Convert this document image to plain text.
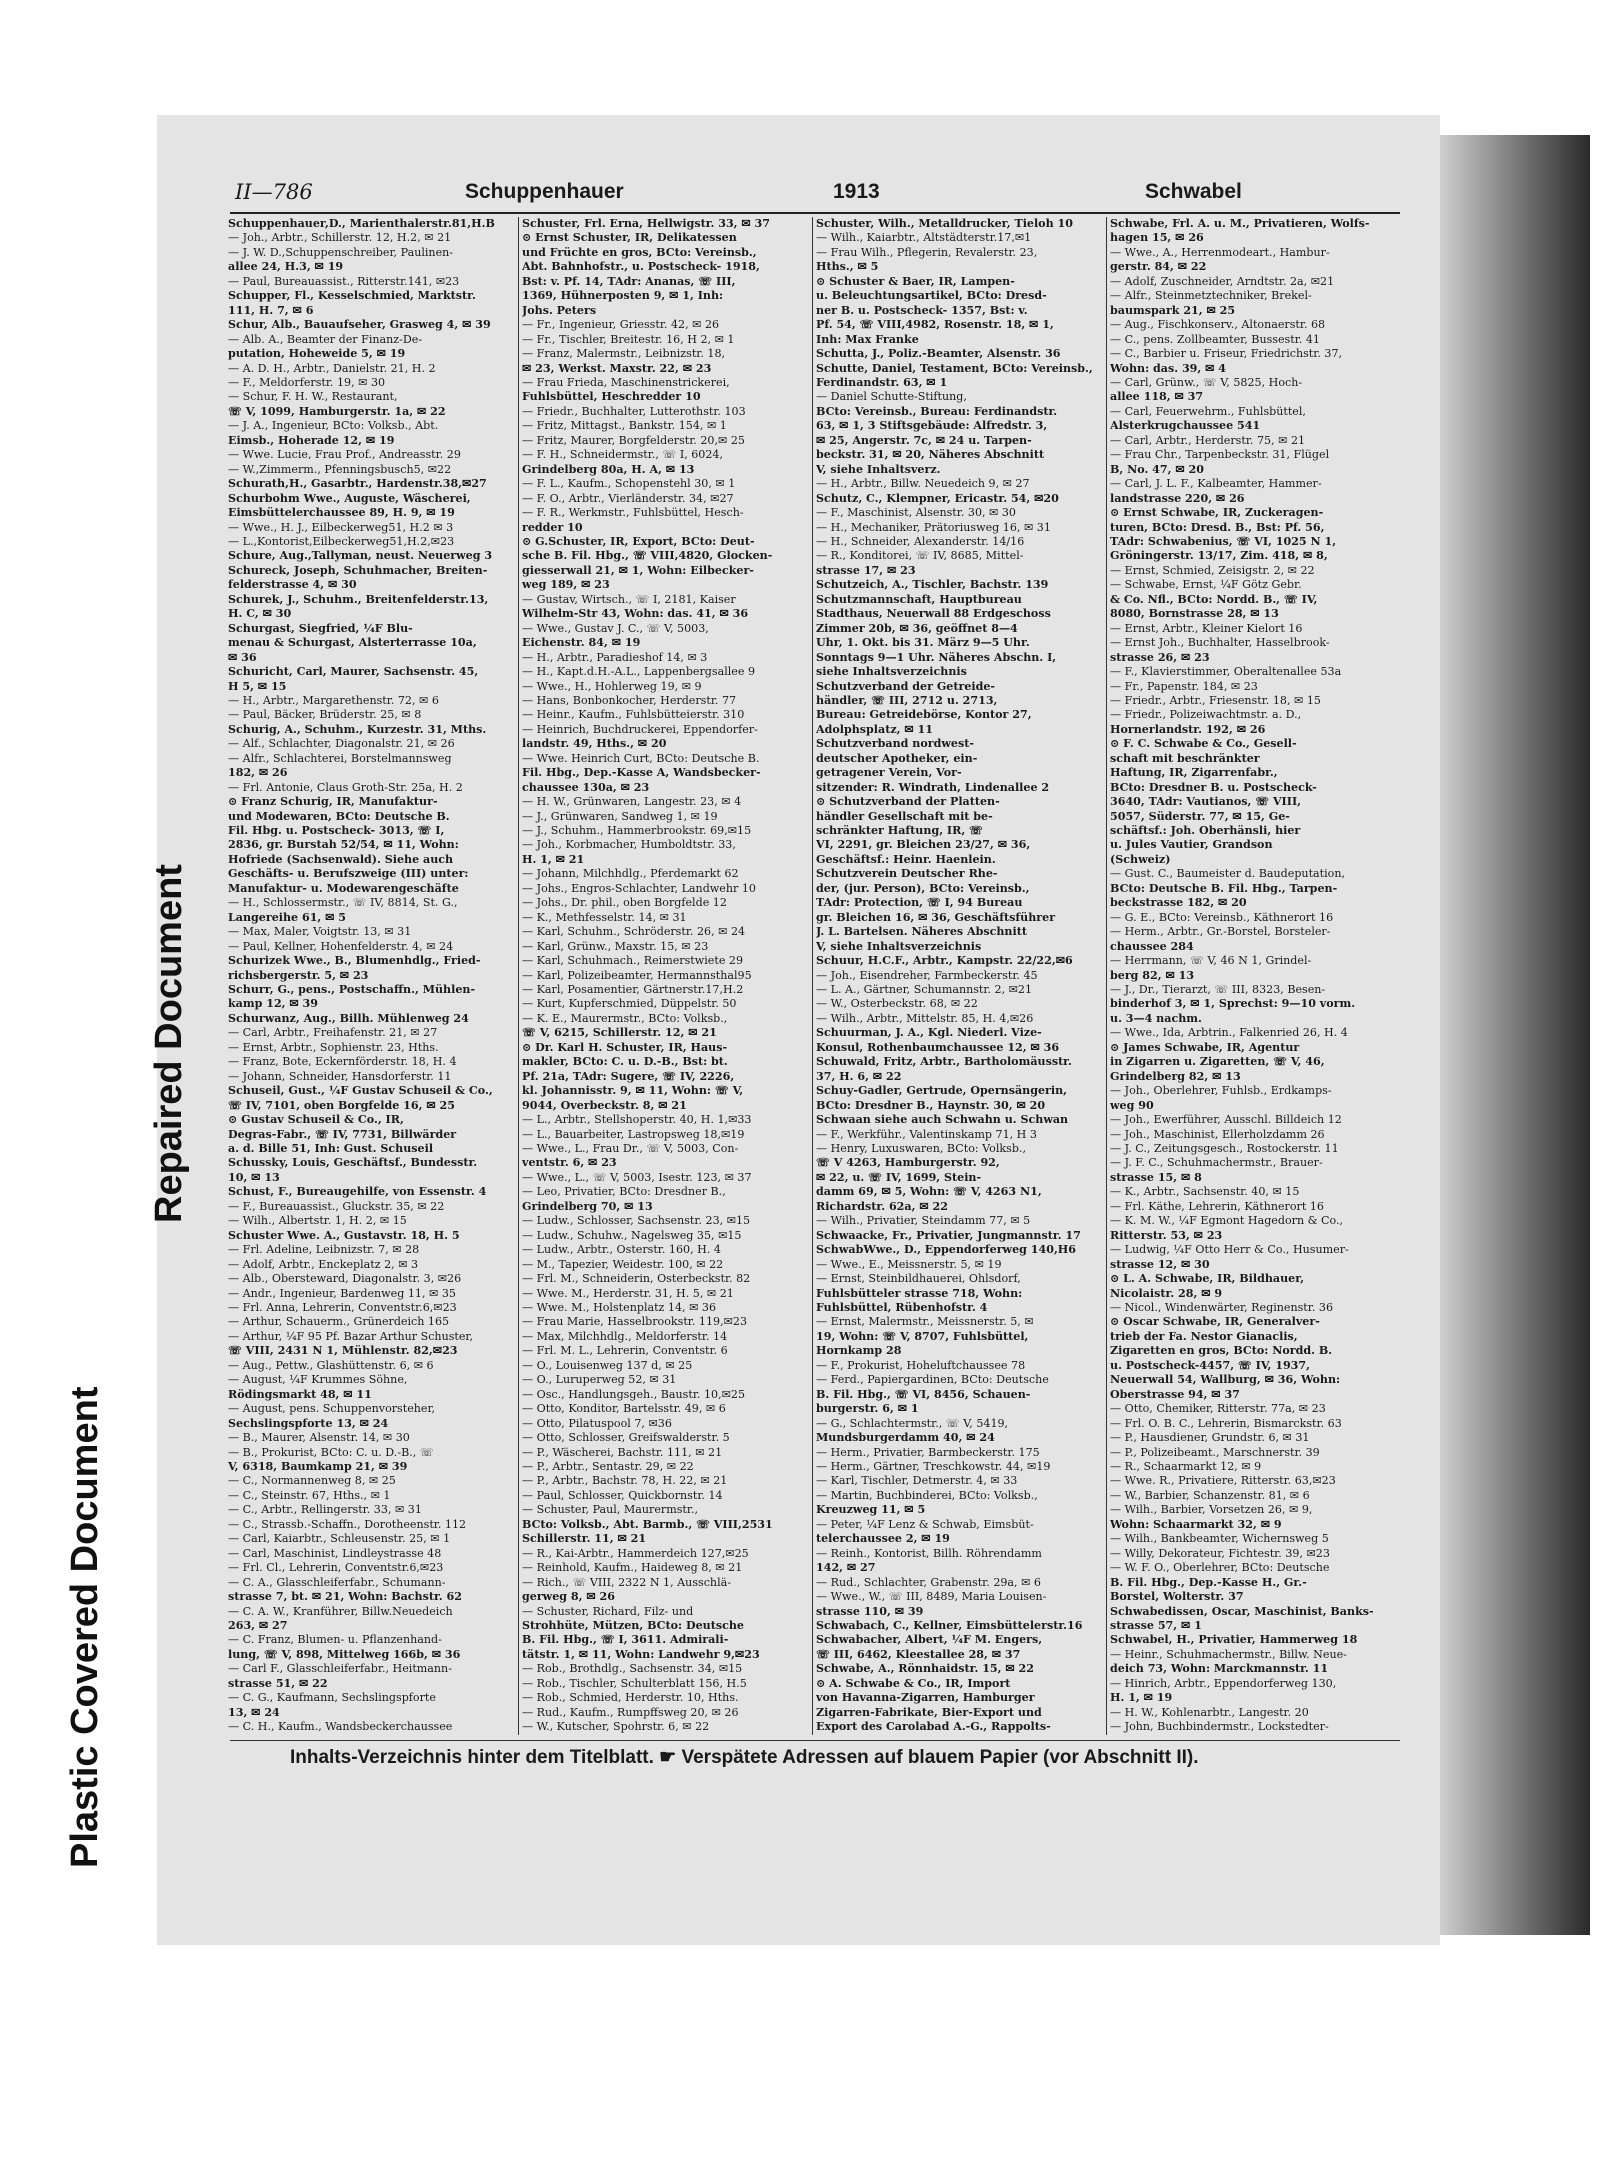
Plastic Covered Document
Repaired Document
II—786	Schuppenhauer	1913	Schwabel

Schuppenhauer,D., Marienthalerstr.81,H.B

— Joh., Arbtr., Schillerstr. 12, H.2, ✉ 21

— J. W. D.,Schuppenschreiber, Paulinen-

allee 24, H.3, ✉ 19

— Paul, Bureauassist., Ritterstr.141, ✉23

Schupper, Fl., Kesselschmied, Marktstr.

111, H. 7, ✉ 6

Schur, Alb., Bauaufseher, Grasweg 4, ✉ 39

— Alb. A., Beamter der Finanz-De-

putation, Hoheweide 5, ✉ 19

— A. D. H., Arbtr., Danielstr. 21, H. 2

— F., Meldorferstr. 19, ✉ 30

— Schur, F. H. W., Restaurant,

☏ V, 1099, Hamburgerstr. 1a, ✉ 22

— J. A., Ingenieur, BCto: Volksb., Abt.

Eimsb., Hoherade 12, ✉ 19

— Wwe. Lucie, Frau Prof., Andreasstr. 29

— W.,Zimmerm., Pfenningsbusch5, ✉22

Schurath,H., Gasarbtr., Hardenstr.38,✉27

Schurbohm Wwe., Auguste, Wäscherei,

Eimsbüttelerchaussee 89, H. 9, ✉ 19

— Wwe., H. J., Eilbeckerweg51, H.2 ✉ 3

— L.,Kontorist,Eilbeckerweg51,H.2,✉23

Schure, Aug.,Tallyman, neust. Neuerweg 3

Schureck, Joseph, Schuhmacher, Breiten-

felderstrasse 4, ✉ 30

Schurek, J., Schuhm., Breitenfelderstr.13,

H. C, ✉ 30

Schurgast, Siegfried, ¼F Blu-

menau & Schurgast, Alsterterrasse 10a,

✉ 36

Schuricht, Carl, Maurer, Sachsenstr. 45,

H 5, ✉ 15

— H., Arbtr., Margarethenstr. 72, ✉ 6

— Paul, Bäcker, Brüderstr. 25, ✉ 8

Schurig, A., Schuhm., Kurzestr. 31, Mths.

— Alf., Schlachter, Diagonalstr. 21, ✉ 26

— Alfr., Schlachterei, Borstelmannsweg

182, ✉ 26

— Frl. Antonie, Claus Groth-Str. 25a, H. 2

⊙ Franz Schurig, IR, Manufaktur-

und Modewaren, BCto: Deutsche B.

Fil. Hbg. u. Postscheck- 3013, ☏ I,

2836, gr. Burstah 52/54, ✉ 11, Wohn:

Hofriede (Sachsenwald). Siehe auch

Geschäfts- u. Berufszweige (III) unter:

Manufaktur- u. Modewarengeschäfte

— H., Schlossermstr., ☏ IV, 8814, St. G.,

Langereihe 61, ✉ 5

— Max, Maler, Voigtstr. 13, ✉ 31

— Paul, Kellner, Hohenfelderstr. 4, ✉ 24

Schurizek Wwe., B., Blumenhdlg., Fried-

richsbergerstr. 5, ✉ 23

Schurr, G., pens., Postschaffn., Mühlen-

kamp 12, ✉ 39

Schurwanz, Aug., Billh. Mühlenweg 24

— Carl, Arbtr., Freihafenstr. 21, ✉ 27

— Ernst, Arbtr., Sophienstr. 23, Hths.

— Franz, Bote, Eckernförderstr. 18, H. 4

— Johann, Schneider, Hansdorferstr. 11

Schuseil, Gust., ¼F Gustav Schuseil & Co.,

☏ IV, 7101, oben Borgfelde 16, ✉ 25

⊙ Gustav Schuseil & Co., IR,

Degras-Fabr., ☏ IV, 7731, Billwärder

a. d. Bille 51, Inh: Gust. Schuseil

Schussky, Louis, Geschäftsf., Bundesstr.

10, ✉ 13

Schust, F., Bureaugehilfe, von Essenstr. 4

— F., Bureauassist., Gluckstr. 35, ✉ 22

— Wilh., Albertstr. 1, H. 2, ✉ 15

Schuster Wwe. A., Gustavstr. 18, H. 5

— Frl. Adeline, Leibnizstr. 7, ✉ 28

— Adolf, Arbtr., Enckeplatz 2, ✉ 3

— Alb., Obersteward, Diagonalstr. 3, ✉26

— Andr., Ingenieur, Bardenweg 11, ✉ 35

— Frl. Anna, Lehrerin, Conventstr.6,✉23

— Arthur, Schauerm., Grünerdeich 165

— Arthur, ¼F 95 Pf. Bazar Arthur Schuster,

☏ VIII, 2431 N 1, Mühlenstr. 82,✉23

— Aug., Pettw., Glashüttenstr. 6, ✉ 6

— August, ¼F Krummes Söhne,

Rödingsmarkt 48, ✉ 11

— August, pens. Schuppenvorsteher,

Sechslingspforte 13, ✉ 24

— B., Maurer, Alsenstr. 14, ✉ 30

— B., Prokurist, BCto: C. u. D.-B., ☏

V, 6318, Baumkamp 21, ✉ 39

— C., Normannenweg 8, ✉ 25

— C., Steinstr. 67, Hths., ✉ 1

— C., Arbtr., Rellingerstr. 33, ✉ 31

— C., Strassb.-Schaffn., Dorotheenstr. 112

— Carl, Kaiarbtr., Schleusenstr. 25, ✉ 1

— Carl, Maschinist, Lindleystrasse 48

— Frl. Cl., Lehrerin, Conventstr.6,✉23

— C. A., Glasschleiferfabr., Schumann-

strasse 7, bt. ✉ 21, Wohn: Bachstr. 62

— C. A. W., Kranführer, Billw.Neuedeich

263, ✉ 27

— C. Franz, Blumen- u. Pflanzenhand-

lung, ☏ V, 898, Mittelweg 166b, ✉ 36

— Carl F., Glasschleiferfabr., Heitmann-

strasse 51, ✉ 22

— C. G., Kaufmann, Sechslingspforte

13, ✉ 24

— C. H., Kaufm., Wandsbeckerchaussee

Schuster, Frl. Erna, Hellwigstr. 33, ✉ 37

⊙ Ernst Schuster, IR, Delikatessen

und Früchte en gros, BCto: Vereinsb.,

Abt. Bahnhofstr., u. Postscheck- 1918,

Bst: v. Pf. 14, TAdr: Ananas, ☏ III,

1369, Hühnerposten 9, ✉ 1, Inh:

Johs. Peters

— Fr., Ingenieur, Griesstr. 42, ✉ 26

— Fr., Tischler, Breitestr. 16, H 2, ✉ 1

— Franz, Malermstr., Leibnizstr. 18,

✉ 23, Werkst. Maxstr. 22, ✉ 23

— Frau Frieda, Maschinenstrickerei,

Fuhlsbüttel, Heschredder 10

— Friedr., Buchhalter, Lutterothstr. 103

— Fritz, Mittagst., Bankstr. 154, ✉ 1

— Fritz, Maurer, Borgfelderstr. 20,✉ 25

— F. H., Schneidermstr., ☏ I, 6024,

Grindelberg 80a, H. A, ✉ 13

— F. L., Kaufm., Schopenstehl 30, ✉ 1

— F. O., Arbtr., Vierländerstr. 34, ✉27

— F. R., Werkmstr., Fuhlsbüttel, Hesch-

redder 10

⊙ G.Schuster, IR, Export, BCto: Deut-

sche B. Fil. Hbg., ☏ VIII,4820, Glocken-

giesserwall 21, ✉ 1, Wohn: Eilbecker-

weg 189, ✉ 23

— Gustav, Wirtsch., ☏ I, 2181, Kaiser

Wilhelm-Str 43, Wohn: das. 41, ✉ 36

— Wwe., Gustav J. C., ☏ V, 5003,

Eichenstr. 84, ✉ 19

— H., Arbtr., Paradieshof 14, ✉ 3

— H., Kapt.d.H.-A.L., Lappenbergsallee 9

— Wwe., H., Hohlerweg 19, ✉ 9

— Hans, Bonbonkocher, Herderstr. 77

— Heinr., Kaufm., Fuhlsbütteierstr. 310

— Heinrich, Buchdruckerei, Eppendorfer-

landstr. 49, Hths., ✉ 20

— Wwe. Heinrich Curt, BCto: Deutsche B.

Fil. Hbg., Dep.-Kasse A, Wandsbecker-

chaussee 130a, ✉ 23

— H. W., Grünwaren, Langestr. 23, ✉ 4

— J., Grünwaren, Sandweg 1, ✉ 19

— J., Schuhm., Hammerbrookstr. 69,✉15

— Joh., Korbmacher, Humboldtstr. 33,

H. 1, ✉ 21

— Johann, Milchhdlg., Pferdemarkt 62

— Johs., Engros-Schlachter, Landwehr 10

— Johs., Dr. phil., oben Borgfelde 12

— K., Methfesselstr. 14, ✉ 31

— Karl, Schuhm., Schröderstr. 26, ✉ 24

— Karl, Grünw., Maxstr. 15, ✉ 23

— Karl, Schuhmach., Reimerstwiete 29

— Karl, Polizeibeamter, Hermannsthal95

— Karl, Posamentier, Gärtnerstr.17,H.2

— Kurt, Kupferschmied, Düppelstr. 50

— K. E., Maurermstr., BCto: Volksb.,

☏ V, 6215, Schillerstr. 12, ✉ 21

⊙ Dr. Karl H. Schuster, IR, Haus-

makler, BCto: C. u. D.-B., Bst: bt.

Pf. 21a, TAdr: Sugere, ☏ IV, 2226,

kl. Johannisstr. 9, ✉ 11, Wohn: ☏ V,

9044, Overbeckstr. 8, ✉ 21

— L., Arbtr., Stellshoperstr. 40, H. 1,✉33

— L., Bauarbeiter, Lastropsweg 18,✉19

— Wwe., L., Frau Dr., ☏ V, 5003, Con-

ventstr. 6, ✉ 23

— Wwe., L., ☏ V, 5003, Isestr. 123, ✉ 37

— Leo, Privatier, BCto: Dresdner B.,

Grindelberg 70, ✉ 13

— Ludw., Schlosser, Sachsenstr. 23, ✉15

— Ludw., Schuhw., Nagelsweg 35, ✉15

— Ludw., Arbtr., Osterstr. 160, H. 4

— M., Tapezier, Weidestr. 100, ✉ 22

— Frl. M., Schneiderin, Osterbeckstr. 82

— Wwe. M., Herderstr. 31, H. 5, ✉ 21

— Wwe. M., Holstenplatz 14, ✉ 36

— Frau Marie, Hasselbrookstr. 119,✉23

— Max, Milchhdlg., Meldorferstr. 14

— Frl. M. L., Lehrerin, Conventstr. 6

— O., Louisenweg 137 d, ✉ 25

— O., Luruperweg 52, ✉ 31

— Osc., Handlungsgeh., Baustr. 10,✉25

— Otto, Konditor, Bartelsstr. 49, ✉ 6

— Otto, Pilatuspool 7, ✉36

— Otto, Schlosser, Greifswalderstr. 5

— P., Wäscherei, Bachstr. 111, ✉ 21

— P., Arbtr., Sentastr. 29, ✉ 22

— P., Arbtr., Bachstr. 78, H. 22, ✉ 21

— Paul, Schlosser, Quickbornstr. 14

— Schuster, Paul, Maurermstr.,

BCto: Volksb., Abt. Barmb., ☏ VIII,2531

Schillerstr. 11, ✉ 21

— R., Kai-Arbtr., Hammerdeich 127,✉25

— Reinhold, Kaufm., Haideweg 8, ✉ 21

— Rich., ☏ VIII, 2322 N 1, Ausschlä-

gerweg 8, ✉ 26

— Schuster, Richard, Filz- und

Strohhüte, Mützen, BCto: Deutsche

B. Fil. Hbg., ☏ I, 3611. Admirali-

tätstr. 1, ✉ 11, Wohn: Landwehr 9,✉23

— Rob., Brothdlg., Sachsenstr. 34, ✉15

— Rob., Tischler, Schulterblatt 156, H.5

— Rob., Schmied, Herderstr. 10, Hths.

— Rud., Kaufm., Rumpffsweg 20, ✉ 26

— W., Kutscher, Spohrstr. 6, ✉ 22

Schuster, Wilh., Metalldrucker, Tieloh 10

— Wilh., Kaiarbtr., Altstädterstr.17,✉1

— Frau Wilh., Pflegerin, Revalerstr. 23,

Hths., ✉ 5

⊙ Schuster & Baer, IR, Lampen-

u. Beleuchtungsartikel, BCto: Dresd-

ner B. u. Postscheck- 1357, Bst: v.

Pf. 54, ☏ VIII,4982, Rosenstr. 18, ✉ 1,

Inh: Max Franke

Schutta, J., Poliz.-Beamter, Alsenstr. 36

Schutte, Daniel, Testament, BCto: Vereinsb.,

Ferdinandstr. 63, ✉ 1

— Daniel Schutte-Stiftung,

BCto: Vereinsb., Bureau: Ferdinandstr.

63, ✉ 1, 3 Stiftsgebäude: Alfredstr. 3,

✉ 25, Angerstr. 7c, ✉ 24 u. Tarpen-

beckstr. 31, ✉ 20, Näheres Abschnitt

V, siehe Inhaltsverz.

— H., Arbtr., Billw. Neuedeich 9, ✉ 27

Schutz, C., Klempner, Ericastr. 54, ✉20

— F., Maschinist, Alsenstr. 30, ✉ 30

— H., Mechaniker, Prätoriusweg 16, ✉ 31

— H., Schneider, Alexanderstr. 14/16

— R., Konditorei, ☏ IV, 8685, Mittel-

strasse 17, ✉ 23

Schutzeich, A., Tischler, Bachstr. 139

Schutzmannschaft, Hauptbureau

Stadthaus, Neuerwall 88 Erdgeschoss

Zimmer 20b, ✉ 36, geöffnet 8—4

Uhr, 1. Okt. bis 31. März 9—5 Uhr.

Sonntags 9—1 Uhr. Näheres Abschn. I,

siehe Inhaltsverzeichnis

Schutzverband der Getreide-

händler, ☏ III, 2712 u. 2713,

Bureau: Getreidebörse, Kontor 27,

Adolphsplatz, ✉ 11

Schutzverband nordwest-

deutscher Apotheker, ein-

getragener Verein, Vor-

sitzender: R. Windrath, Lindenallee 2

⊙ Schutzverband der Platten-

händler Gesellschaft mit be-

schränkter Haftung, IR, ☏

VI, 2291, gr. Bleichen 23/27, ✉ 36,

Geschäftsf.: Heinr. Haenlein.

Schutzverein Deutscher Rhe-

der, (jur. Person), BCto: Vereinsb.,

TAdr: Protection, ☏ I, 94 Bureau

gr. Bleichen 16, ✉ 36, Geschäftsführer

J. L. Bartelsen. Näheres Abschnitt

V, siehe Inhaltsverzeichnis

Schuur, H.C.F., Arbtr., Kampstr. 22/22,✉6

— Joh., Eisendreher, Farmbeckerstr. 45

— L. A., Gärtner, Schumannstr. 2, ✉21

— W., Osterbeckstr. 68, ✉ 22

— Wilh., Arbtr., Mittelstr. 85, H. 4,✉26

Schuurman, J. A., Kgl. Niederl. Vize-

Konsul, Rothenbaumchaussee 12, ✉ 36

Schuwald, Fritz, Arbtr., Bartholomäusstr.

37, H. 6, ✉ 22

Schuy-Gadler, Gertrude, Opernsängerin,

BCto: Dresdner B., Haynstr. 30, ✉ 20

Schwaan siehe auch Schwahn u. Schwan

— F., Werkführ., Valentinskamp 71, H 3

— Henry, Luxuswaren, BCto: Volksb.,

☏ V 4263, Hamburgerstr. 92,

✉ 22, u. ☏ IV, 1699, Stein-

damm 69, ✉ 5, Wohn: ☏ V, 4263 N1,

Richardstr. 62a, ✉ 22

— Wilh., Privatier, Steindamm 77, ✉ 5

Schwaacke, Fr., Privatier, Jungmannstr. 17

SchwabWwe., D., Eppendorferweg 140,H6

— Wwe., E., Meissnerstr. 5, ✉ 19

— Ernst, Steinbildhauerei, Ohlsdorf,

Fuhlsbütteler strasse 718, Wohn:

Fuhlsbüttel, Rübenhofstr. 4

— Ernst, Malermstr., Meissnerstr. 5, ✉

19, Wohn: ☏ V, 8707, Fuhlsbüttel,

Hornkamp 28

— F., Prokurist, Hoheluftchaussee 78

— Ferd., Papiergardinen, BCto: Deutsche

B. Fil. Hbg., ☏ VI, 8456, Schauen-

burgerstr. 6, ✉ 1

— G., Schlachtermstr., ☏ V, 5419,

Mundsburgerdamm 40, ✉ 24

— Herm., Privatier, Barmbeckerstr. 175

— Herm., Gärtner, Treschkowstr. 44, ✉19

— Karl, Tischler, Detmerstr. 4, ✉ 33

— Martin, Buchbinderei, BCto: Volksb.,

Kreuzweg 11, ✉ 5

— Peter, ¼F Lenz & Schwab, Eimsbüt-

telerchaussee 2, ✉ 19

— Reinh., Kontorist, Billh. Röhrendamm

142, ✉ 27

— Rud., Schlachter, Grabenstr. 29a, ✉ 6

— Wwe., W., ☏ III, 8489, Maria Louisen-

strasse 110, ✉ 39

Schwabach, C., Kellner, Eimsbüttelerstr.16

Schwabacher, Albert, ¼F M. Engers,

☏ III, 6462, Kleestallee 28, ✉ 37

Schwabe, A., Rönnhaidstr. 15, ✉ 22

⊙ A. Schwabe & Co., IR, Import

von Havanna-Zigarren, Hamburger

Zigarren-Fabrikate, Bier-Export und

Export des Carolabad A.-G., Rappolts-

Schwabe, Frl. A. u. M., Privatieren, Wolfs-

hagen 15, ✉ 26

— Wwe., A., Herrenmodeart., Hambur-

gerstr. 84, ✉ 22

— Adolf, Zuschneider, Arndtstr. 2a, ✉21

— Alfr., Steinmetztechniker, Brekel-

baumspark 21, ✉ 25

— Aug., Fischkonserv., Altonaerstr. 68

— C., pens. Zollbeamter, Bussestr. 41

— C., Barbier u. Friseur, Friedrichstr. 37,

Wohn: das. 39, ✉ 4

— Carl, Grünw., ☏ V, 5825, Hoch-

allee 118, ✉ 37

— Carl, Feuerwehrm., Fuhlsbüttel,

Alsterkrugchaussee 541

— Carl, Arbtr., Herderstr. 75, ✉ 21

— Frau Chr., Tarpenbeckstr. 31, Flügel

B, No. 47, ✉ 20

— Carl, J. L. F., Kalbeamter, Hammer-

landstrasse 220, ✉ 26

⊙ Ernst Schwabe, IR, Zuckeragen-

turen, BCto: Dresd. B., Bst: Pf. 56,

TAdr: Schwabenius, ☏ VI, 1025 N 1,

Gröningerstr. 13/17, Zim. 418, ✉ 8,

— Ernst, Schmied, Zeisigstr. 2, ✉ 22

— Schwabe, Ernst, ¼F Götz Gebr.

& Co. Nfl., BCto: Nordd. B., ☏ IV,

8080, Bornstrasse 28, ✉ 13

— Ernst, Arbtr., Kleiner Kielort 16

— Ernst Joh., Buchhalter, Hasselbrook-

strasse 26, ✉ 23

— F., Klavierstimmer, Oberaltenallee 53a

— Fr., Papenstr. 184, ✉ 23

— Friedr., Arbtr., Friesenstr. 18, ✉ 15

— Friedr., Polizeiwachtmstr. a. D.,

Hornerlandstr. 192, ✉ 26

⊙ F. C. Schwabe & Co., Gesell-

schaft mit beschränkter

Haftung, IR, Zigarrenfabr.,

BCto: Dresdner B. u. Postscheck-

3640, TAdr: Vautianos, ☏ VIII,

5057, Süderstr. 77, ✉ 15, Ge-

schäftsf.: Joh. Oberhänsli, hier

u. Jules Vautier, Grandson

(Schweiz)

— Gust. C., Baumeister d. Baudeputation,

BCto: Deutsche B. Fil. Hbg., Tarpen-

beckstrasse 182, ✉ 20

— G. E., BCto: Vereinsb., Käthnerort 16

— Herm., Arbtr., Gr.-Borstel, Borsteler-

chaussee 284

— Herrmann, ☏ V, 46 N 1, Grindel-

berg 82, ✉ 13

— J., Dr., Tierarzt, ☏ III, 8323, Besen-

binderhof 3, ✉ 1, Sprechst: 9—10 vorm.

u. 3—4 nachm.

— Wwe., Ida, Arbtrin., Falkenried 26, H. 4

⊙ James Schwabe, IR, Agentur

in Zigarren u. Zigaretten, ☏ V, 46,

Grindelberg 82, ✉ 13

— Joh., Oberlehrer, Fuhlsb., Erdkamps-

weg 90

— Joh., Ewerführer, Ausschl. Billdeich 12

— Joh., Maschinist, Ellerholzdamm 26

— J. C., Zeitungsgesch., Rostockerstr. 11

— J. F. C., Schuhmachermstr., Brauer-

strasse 15, ✉ 8

— K., Arbtr., Sachsenstr. 40, ✉ 15

— Frl. Käthe, Lehrerin, Käthnerort 16

— K. M. W., ¼F Egmont Hagedorn & Co.,

Ritterstr. 53, ✉ 23

— Ludwig, ¼F Otto Herr & Co., Husumer-

strasse 12, ✉ 30

⊙ L. A. Schwabe, IR, Bildhauer,

Nicolaistr. 28, ✉ 9

— Nicol., Windenwärter, Reginenstr. 36

⊙ Oscar Schwabe, IR, Generalver-

trieb der Fa. Nestor Gianaclis,

Zigaretten en gros, BCto: Nordd. B.

u. Postscheck-4457, ☏ IV, 1937,

Neuerwall 54, Wallburg, ✉ 36, Wohn:

Oberstrasse 94, ✉ 37

— Otto, Chemiker, Ritterstr. 77a, ✉ 23

— Frl. O. B. C., Lehrerin, Bismarckstr. 63

— P., Hausdiener, Grundstr. 6, ✉ 31

— P., Polizeibeamt., Marschnerstr. 39

— R., Schaarmarkt 12, ✉ 9

— Wwe. R., Privatiere, Ritterstr. 63,✉23

— W., Barbier, Schanzenstr. 81, ✉ 6

— Wilh., Barbier, Vorsetzen 26, ✉ 9,

Wohn: Schaarmarkt 32, ✉ 9

— Wilh., Bankbeamter, Wichernsweg 5

— Willy, Dekorateur, Fichtestr. 39, ✉23

— W. F. O., Oberlehrer, BCto: Deutsche

B. Fil. Hbg., Dep.-Kasse H., Gr.-

Borstel, Wolterstr. 37

Schwabedissen, Oscar, Maschinist, Banks-

strasse 57, ✉ 1

Schwabel, H., Privatier, Hammerweg 18

— Heinr., Schuhmachermstr., Billw. Neue-

deich 73, Wohn: Marckmannstr. 11

— Hinrich, Arbtr., Eppendorferweg 130,

H. 1, ✉ 19

— H. W., Kohlenarbtr., Langestr. 20

— John, Buchbindermstr., Lockstedter-

Inhalts-Verzeichnis hinter dem Titelblatt. ☛ Verspätete Adressen auf blauem Papier (vor Abschnitt II).
